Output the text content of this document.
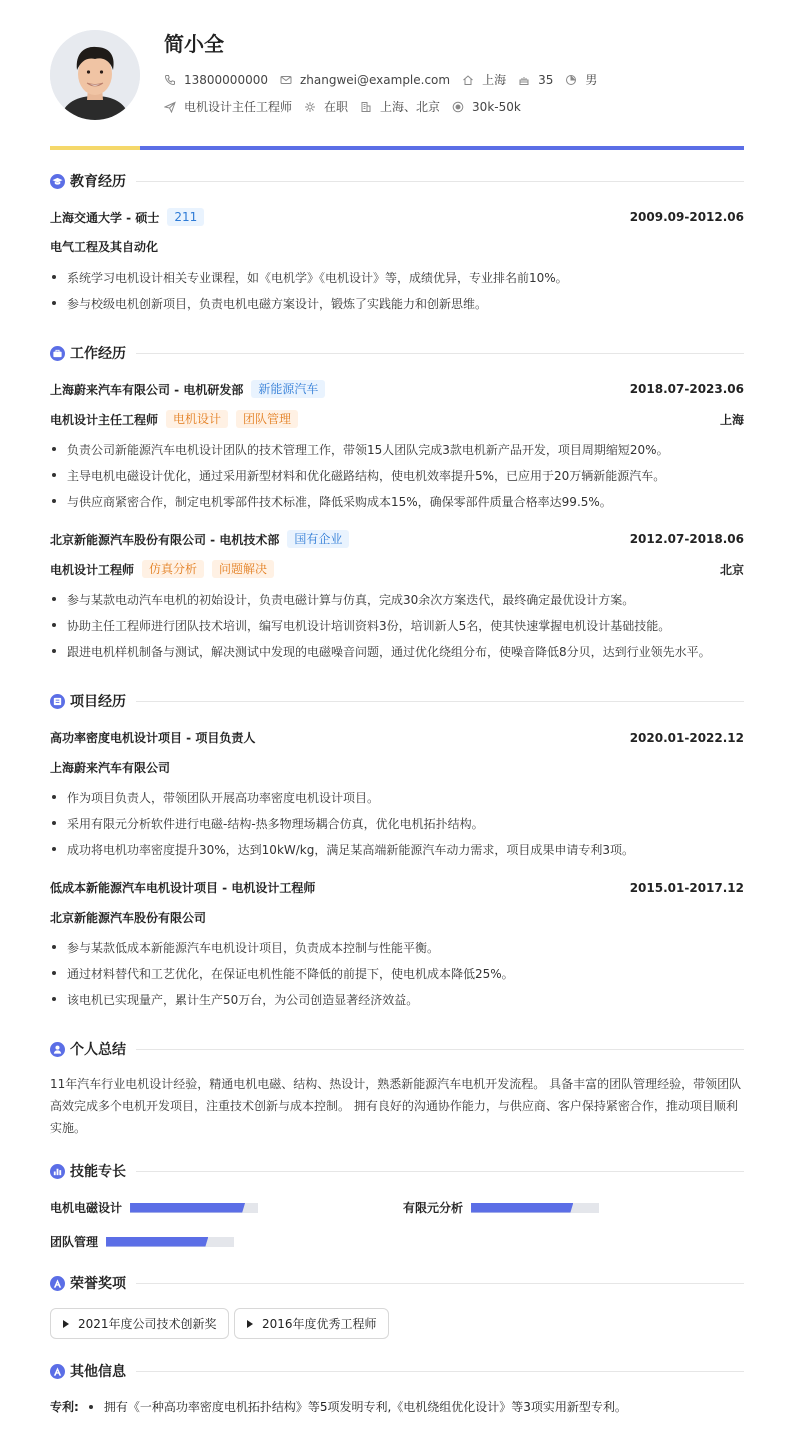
简小全
13800000000	zhangwei@example.com	上海	35	男
电机设计主任工程师	在职	上海、北京	30k-50k
教育经历
上海交通大学 - 硕士	211	2009.09-2012.06
电气工程及其自动化
系统学习电机设计相关专业课程，如《电机学》《电机设计》等，成绩优异，专业排名前10%。
参与校级电机创新项目，负责电机电磁方案设计，锻炼了实践能力和创新思维。
工作经历
上海蔚来汽车有限公司 - 电机研发部	新能源汽车	2018.07-2023.06
电机设计主任工程师	电机设计	团队管理	上海
负责公司新能源汽车电机设计团队的技术管理工作，带领15人团队完成3款电机新产品开发，项目周期缩短20%。
主导电机电磁设计优化，通过采用新型材料和优化磁路结构，使电机效率提升5%，已应用于20万辆新能源汽车。
与供应商紧密合作，制定电机零部件技术标准，降低采购成本15%，确保零部件质量合格率达99.5%。
北京新能源汽车股份有限公司 - 电机技术部	国有企业	2012.07-2018.06
电机设计工程师	仿真分析	问题解决	北京
参与某款电动汽车电机的初始设计，负责电磁计算与仿真，完成30余次方案迭代，最终确定最优设计方案。
协助主任工程师进行团队技术培训，编写电机设计培训资料3份，培训新人5名，使其快速掌握电机设计基础技能。
跟进电机样机制备与测试，解决测试中发现的电磁噪音问题，通过优化绕组分布，使噪音降低8分贝，达到行业领先水平。
项目经历
高功率密度电机设计项目 - 项目负责人	2020.01-2022.12
上海蔚来汽车有限公司
作为项目负责人，带领团队开展高功率密度电机设计项目。
采用有限元分析软件进行电磁-结构-热多物理场耦合仿真，优化电机拓扑结构。
成功将电机功率密度提升30%，达到10kW/kg，满足某高端新能源汽车动力需求，项目成果申请专利3项。
低成本新能源汽车电机设计项目 - 电机设计工程师	2015.01-2017.12
北京新能源汽车股份有限公司
参与某款低成本新能源汽车电机设计项目，负责成本控制与性能平衡。
通过材料替代和工艺优化，在保证电机性能不降低的前提下，使电机成本降低25%。
该电机已实现量产，累计生产50万台，为公司创造显著经济效益。
个人总结
11年汽车行业电机设计经验，精通电机电磁、结构、热设计，熟悉新能源汽车电机开发流程。 具备丰富的团队管理经验，带领团队
高效完成多个电机开发项目，注重技术创新与成本控制。 拥有良好的沟通协作能力，与供应商、客户保持紧密合作，推动项目顺利
实施。
技能专长
电机电磁设计	有限元分析
团队管理
荣誉奖项
2021年度公司技术创新奖	2016年度优秀工程师
其他信息
专利: 拥有《一种高功率密度电机拓扑结构》等5项发明专利,《电机绕组优化设计》等3项实用新型专利。
